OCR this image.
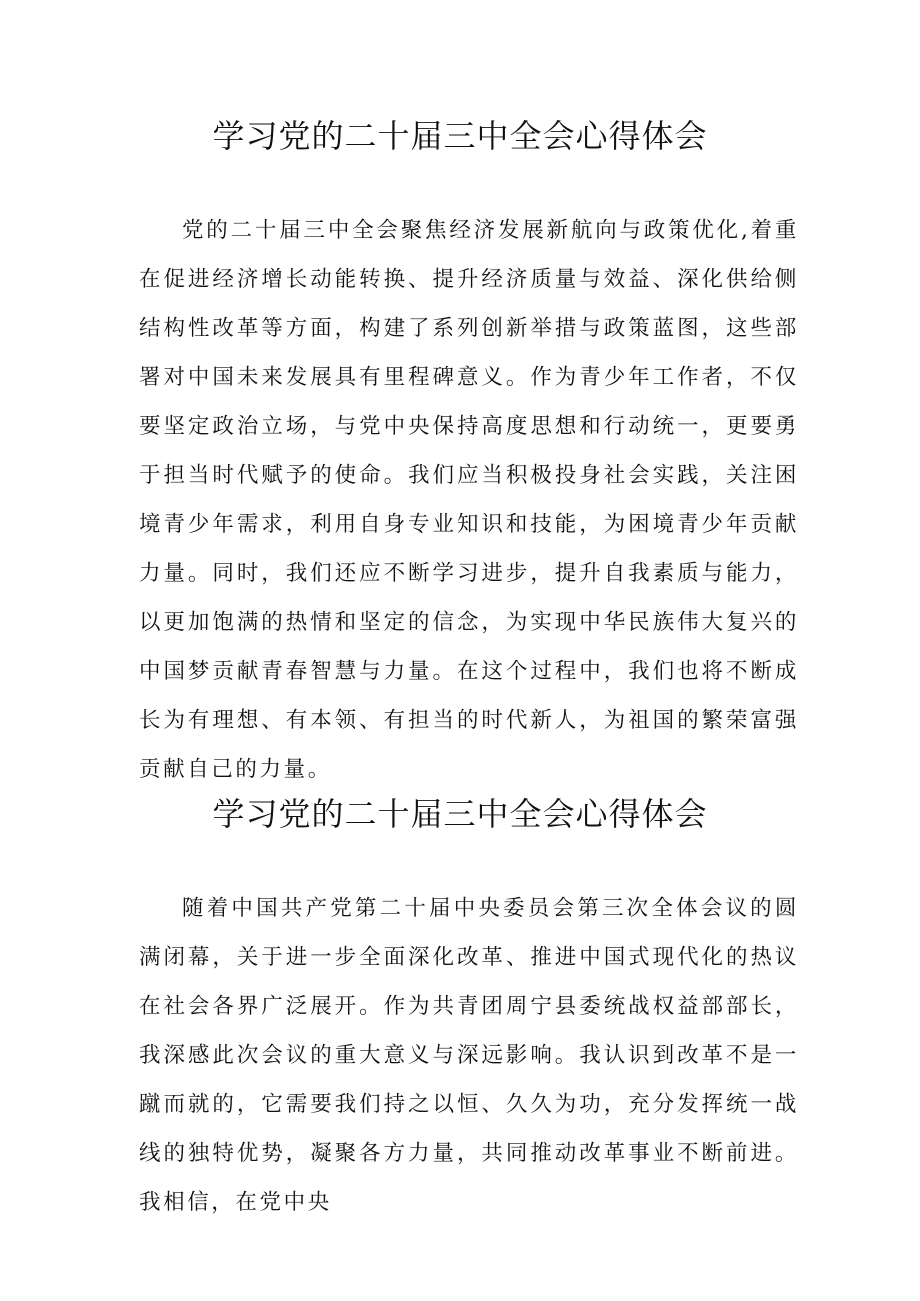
学习党的二十届三中全会心得体会

党的二十届三中全会聚焦经济发展新航向与政策优化,着重在促进经济增长动能转换、提升经济质量与效益、深化供给侧结构性改革等方面，构建了系列创新举措与政策蓝图，这些部署对中国未来发展具有里程碑意义。作为青少年工作者，不仅要坚定政治立场，与党中央保持高度思想和行动统一，更要勇于担当时代赋予的使命。我们应当积极投身社会实践，关注困境青少年需求，利用自身专业知识和技能，为困境青少年贡献力量。同时，我们还应不断学习进步，提升自我素质与能力，以更加饱满的热情和坚定的信念，为实现中华民族伟大复兴的中国梦贡献青春智慧与力量。在这个过程中，我们也将不断成长为有理想、有本领、有担当的时代新人，为祖国的繁荣富强贡献自己的力量。

学习党的二十届三中全会心得体会

随着中国共产党第二十届中央委员会第三次全体会议的圆满闭幕，关于进一步全面深化改革、推进中国式现代化的热议在社会各界广泛展开。作为共青团周宁县委统战权益部部长，我深感此次会议的重大意义与深远影响。我认识到改革不是一蹴而就的，它需要我们持之以恒、久久为功，充分发挥统一战线的独特优势，凝聚各方力量，共同推动改革事业不断前进。我相信，在党中央
